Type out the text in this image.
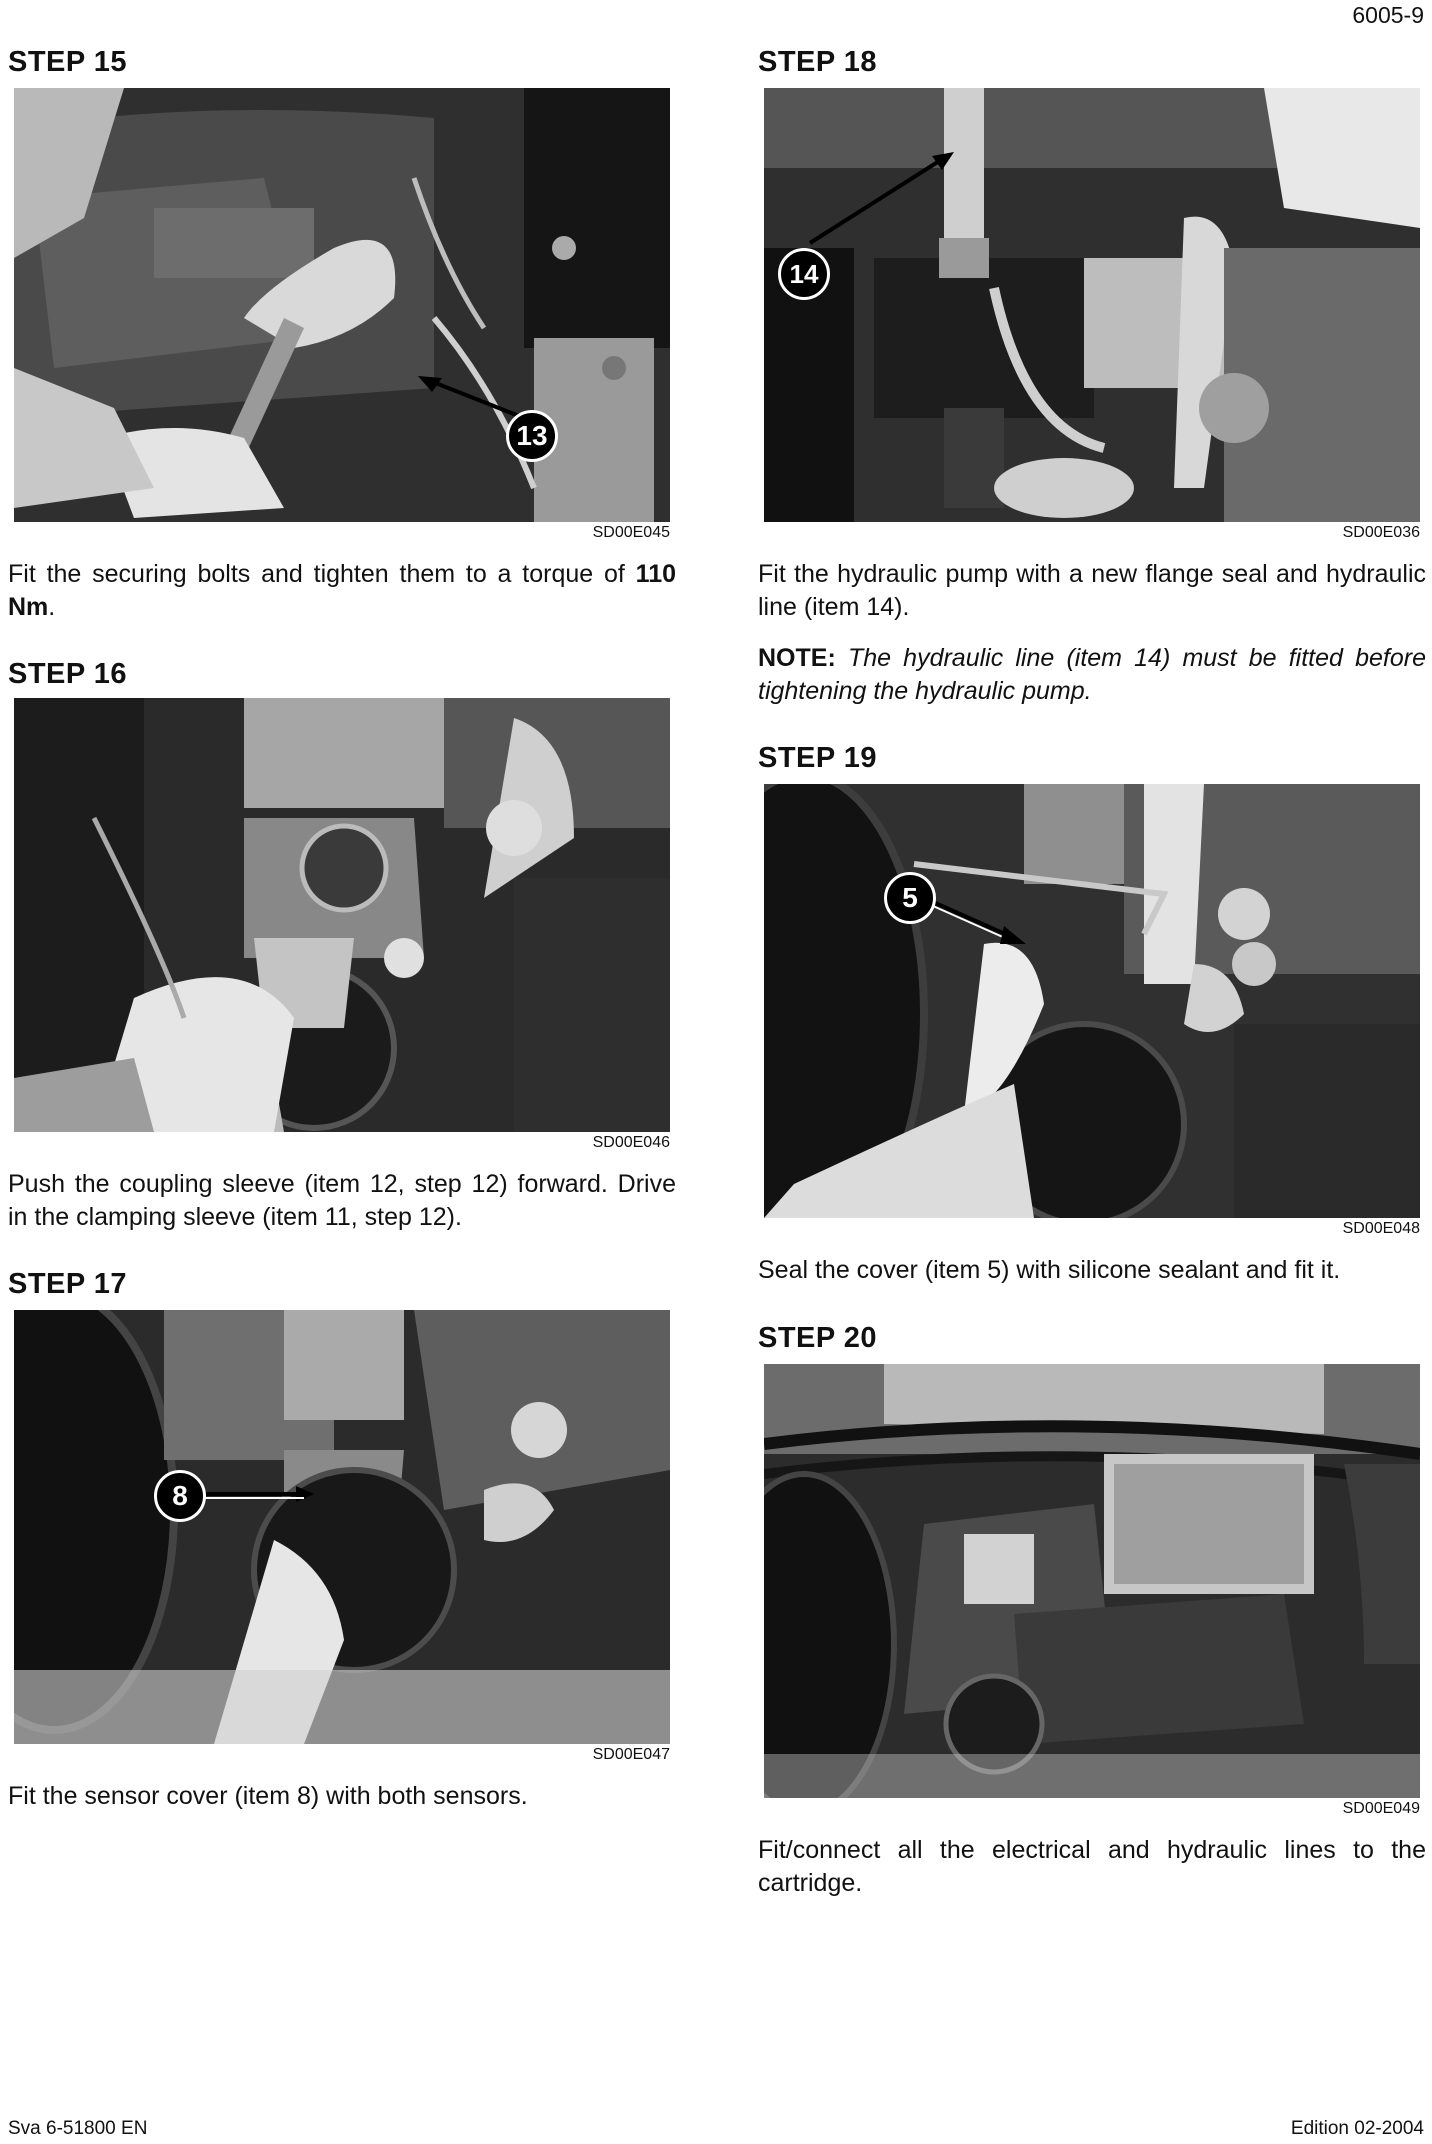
6005-9
STEP 15
13
SD00E045
Fit the securing bolts and tighten them to a torque of 110 Nm.
STEP 16
SD00E046
Push the coupling sleeve (item 12, step 12) forward. Drive in the clamping sleeve (item 11, step 12).
STEP 17
8
SD00E047
Fit the sensor cover (item 8) with both sensors.
STEP 18
14
SD00E036
Fit the hydraulic pump with a new flange seal and hydraulic line (item 14).
NOTE: The hydraulic line (item 14) must be fitted before tightening the hydraulic pump.
STEP 19
5
SD00E048
Seal the cover (item 5) with silicone sealant and fit it.
STEP 20
SD00E049
Fit/connect all the electrical and hydraulic lines to the cartridge.
Sva 6-51800 EN	Edition 02-2004
